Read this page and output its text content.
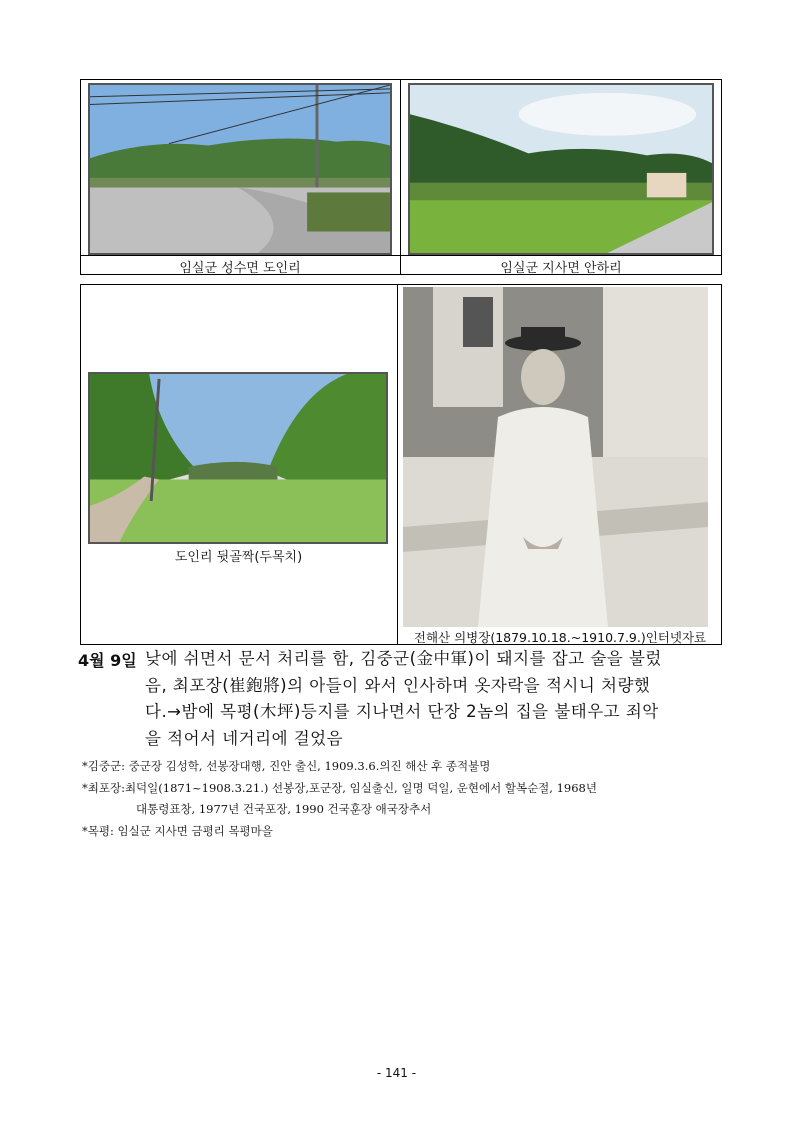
임실군 성수면 도인리	임실군 지사면 안하리
도인리 뒷골짝(두목치)
전해산 의병장(1879.10.18.~1910.7.9.)인터넷자료
4월 9일 낮에 쉬면서 문서 처리를 함, 김중군(金中軍)이 돼지를 잡고 술을 불렀

음, 최포장(崔鉋將)의 아들이 와서 인사하며 옷자락을 적시니 처량했

다.→밤에 목평(木坪)등지를 지나면서 단장 2놈의 집을 불태우고 죄악

을 적어서 네거리에 걸었음

*김중군: 중군장 김성학, 선봉장대행, 진안 출신, 1909.3.6.의진 해산 후 종적불명
*최포장:최덕일(1871~1908.3.21.) 선봉장,포군장, 임실출신, 일명 덕일, 운현에서 할복순절, 1968년
대통령표창, 1977년 건국포장, 1990 건국훈장 애국장추서
*목평: 임실군 지사면 금평리 목평마을
- 141 -
